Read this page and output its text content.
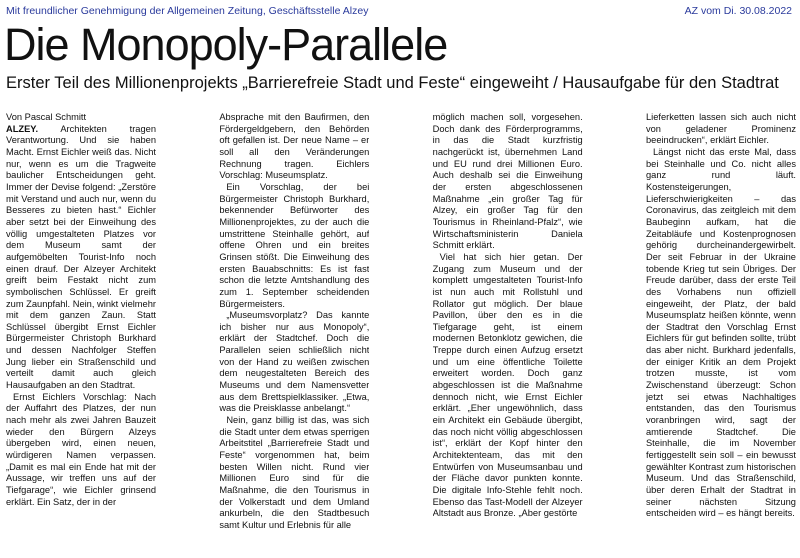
Mit freundlicher Genehmigung der Allgemeinen Zeitung, Geschäftsstelle Alzey	AZ vom Di. 30.08.2022
Die Monopoly-Parallele
Erster Teil des Millionenprojekts „Barrierefreie Stadt und Feste“ eingeweiht / Hausaufgabe für den Stadtrat

Von Pascal Schmitt

ALZEY. Architekten tragen Verantwortung. Und sie haben Macht. Ernst Eichler weiß das. Nicht nur, wenn es um die Tragweite baulicher Entscheidungen geht. Immer der Devise folgend: „Zerstöre mit Verstand und auch nur, wenn du Besseres zu bieten hast.“ Eichler aber setzt bei der Einweihung des völlig umgestalteten Platzes vor dem Museum samt der aufgemöbelten Tourist-Info noch einen drauf. Der Alzeyer Architekt greift beim Festakt nicht zum symbolischen Schlüssel. Er greift zum Zaunpfahl. Nein, winkt vielmehr mit dem ganzen Zaun. Statt Schlüssel übergibt Ernst Eichler Bürgermeister Christoph Burkhard und dessen Nachfolger Steffen Jung lieber ein Straßenschild und verteilt damit auch gleich Hausaufgaben an den Stadtrat.

Ernst Eichlers Vorschlag: Nach der Auffahrt des Platzes, der nun nach mehr als zwei Jahren Bauzeit wieder den Bürgern Alzeys übergeben wird, einen neuen, würdigeren Namen verpassen. „Damit es mal ein Ende hat mit der Aussage, wir treffen uns auf der Tiefgarage“, wie Eichler grinsend erklärt. Ein Satz, der in der

Absprache mit den Baufirmen, den Fördergeldgebern, den Behörden oft gefallen ist. Der neue Name – er soll all den Veränderungen Rechnung tragen. Eichlers Vorschlag: Museumsplatz.

Ein Vorschlag, der bei Bürgermeister Christoph Burkhard, bekennender Befürworter des Millionenprojektes, zu der auch die umstrittene Steinhalle gehört, auf offene Ohren und ein breites Grinsen stößt. Die Einweihung des ersten Bauabschnitts: Es ist fast schon die letzte Amtshandlung des zum 1. September scheidenden Bürgermeisters.

„Museumsvorplatz? Das kannte ich bisher nur aus Monopoly“, erklärt der Stadtchef. Doch die Parallelen seien schließlich nicht von der Hand zu weißen zwischen dem neugestalteten Bereich des Museums und dem Namensvetter aus dem Brettspielklassiker. „Etwa, was die Preisklasse anbelangt.“

Nein, ganz billig ist das, was sich die Stadt unter dem etwas sperrigen Arbeitstitel „Barrierefreie Stadt und Feste“ vorgenommen hat, beim besten Willen nicht. Rund vier Millionen Euro sind für die Maßnahme, die den Tourismus in der Volkerstadt und dem Umland ankurbeln, die den Stadtbesuch samt Kultur und Erlebnis für alle

möglich machen soll, vorgesehen. Doch dank des Förderprogramms, in das die Stadt kurzfristig nachgerückt ist, übernehmen Land und EU rund drei Millionen Euro. Auch deshalb sei die Einweihung der ersten abgeschlossenen Maßnahme „ein großer Tag für Alzey, ein großer Tag für den Tourismus in Rheinland-Pfalz“, wie Wirtschaftsministerin Daniela Schmitt erklärt.

Viel hat sich hier getan. Der Zugang zum Museum und der komplett umgestalteten Tourist-Info ist nun auch mit Rollstuhl und Rollator gut möglich. Der blaue Pavillon, über den es in die Tiefgarage geht, ist einem modernen Betonklotz gewichen, die Treppe durch einen Aufzug ersetzt und um eine öffentliche Toilette erweitert worden. Doch ganz abgeschlossen ist die Maßnahme dennoch nicht, wie Ernst Eichler erklärt. „Eher ungewöhnlich, dass ein Architekt ein Gebäude übergibt, das noch nicht völlig abgeschlossen ist“, erklärt der Kopf hinter den Architektenteam, das mit den Entwürfen von Museumsanbau und der Fläche davor punkten konnte. Die digitale Info-Stehle fehlt noch. Ebenso das Tast-Modell der Alzeyer Altstadt aus Bronze. „Aber gestörte

Lieferketten lassen sich auch nicht von geladener Prominenz beeindrucken“, erklärt Eichler.

Längst nicht das erste Mal, dass bei Steinhalle und Co. nicht alles ganz rund läuft. Kostensteigerungen, Lieferschwierigkeiten – das Coronavirus, das zeitgleich mit dem Baubeginn aufkam, hat die Zeitabläufe und Kostenprognosen gehörig durcheinandergewirbelt. Der seit Februar in der Ukraine tobende Krieg tut sein Übriges. Der Freude darüber, dass der erste Teil des Vorhabens nun offiziell eingeweiht, der Platz, der bald Museumsplatz heißen könnte, wenn der Stadtrat den Vorschlag Ernst Eichlers für gut befinden sollte, trübt das aber nicht. Burkhard jedenfalls, der einiger Kritik an dem Projekt trotzen musste, ist vom Zwischenstand überzeugt: Schon jetzt sei etwas Nachhaltiges entstanden, das den Tourismus voranbringen wird, sagt der amtierende Stadtchef. Die Steinhalle, die im November fertiggestellt sein soll – ein bewusst gewählter Kontrast zum historischen Museum. Und das Straßenschild, über deren Erhalt der Stadtrat in seiner nächsten Sitzung entscheiden wird – es hängt bereits.
